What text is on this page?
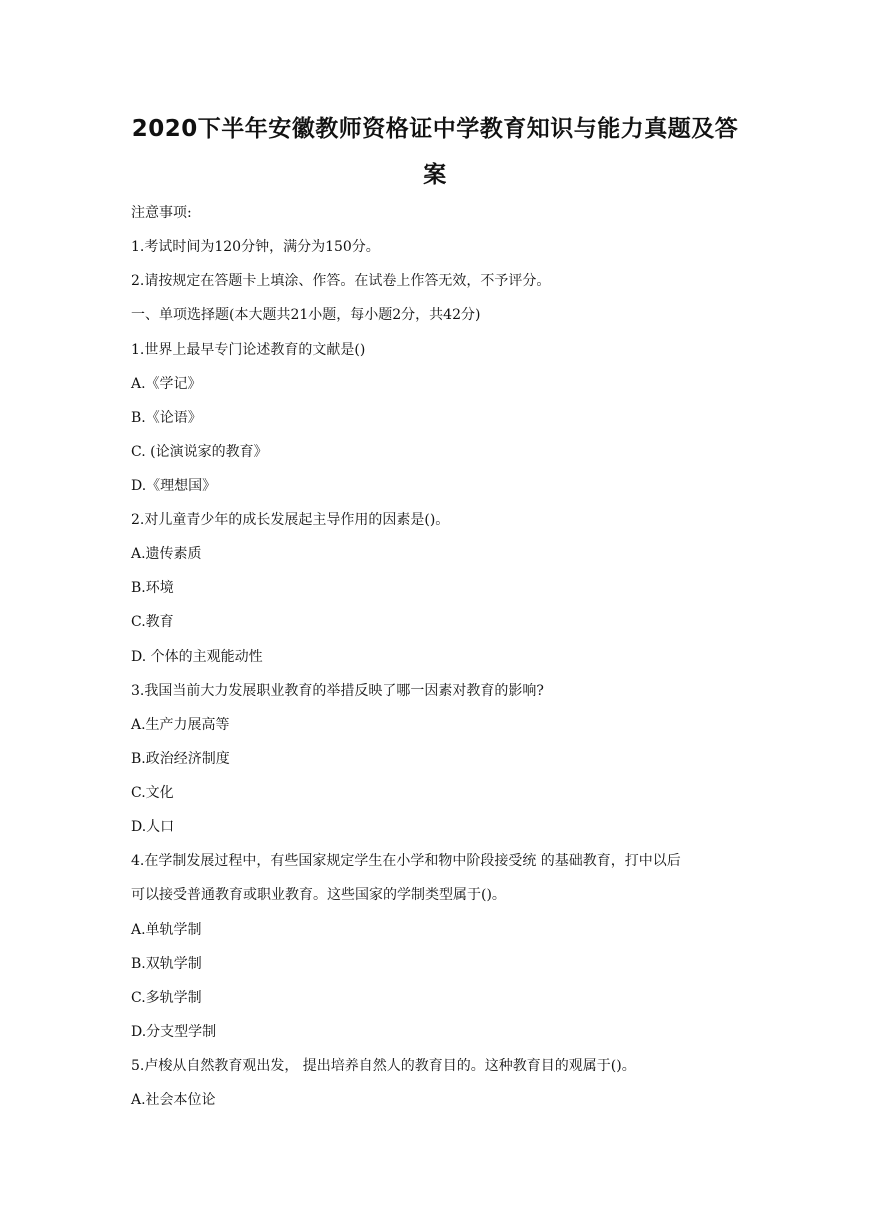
2020下半年安徽教师资格证中学教育知识与能力真题及答
案
注意事项:
1.考试时间为120分钟，满分为150分。
2.请按规定在答题卡上填涂、作答。在试卷上作答无效，不予评分。
一、单项选择题(本大题共21小题，每小题2分，共42分)
1.世界上最早专门论述教育的文献是()
A.《学记》
B.《论语》
C. (论演说家的教育》
D.《理想国》
2.对儿童青少年的成长发展起主导作用的因素是()。
A.遗传素质
B.环境
C.教育
D. 个体的主观能动性
3.我国当前大力发展职业教育的举措反映了哪一因素对教育的影响?
A.生产力展高等
B.政治经济制度
C.文化
D.人口
4.在学制发展过程中，有些国家规定学生在小学和物中阶段接受统 的基础教育，打中以后
可以接受普通教育或职业教育。这些国家的学制类型属于()。
A.单轨学制
B.双轨学制
C.多轨学制
D.分支型学制
5.卢梭从自然教育观出发， 提出培养自然人的教育目的。这种教育目的观属于()。
A.社会本位论
